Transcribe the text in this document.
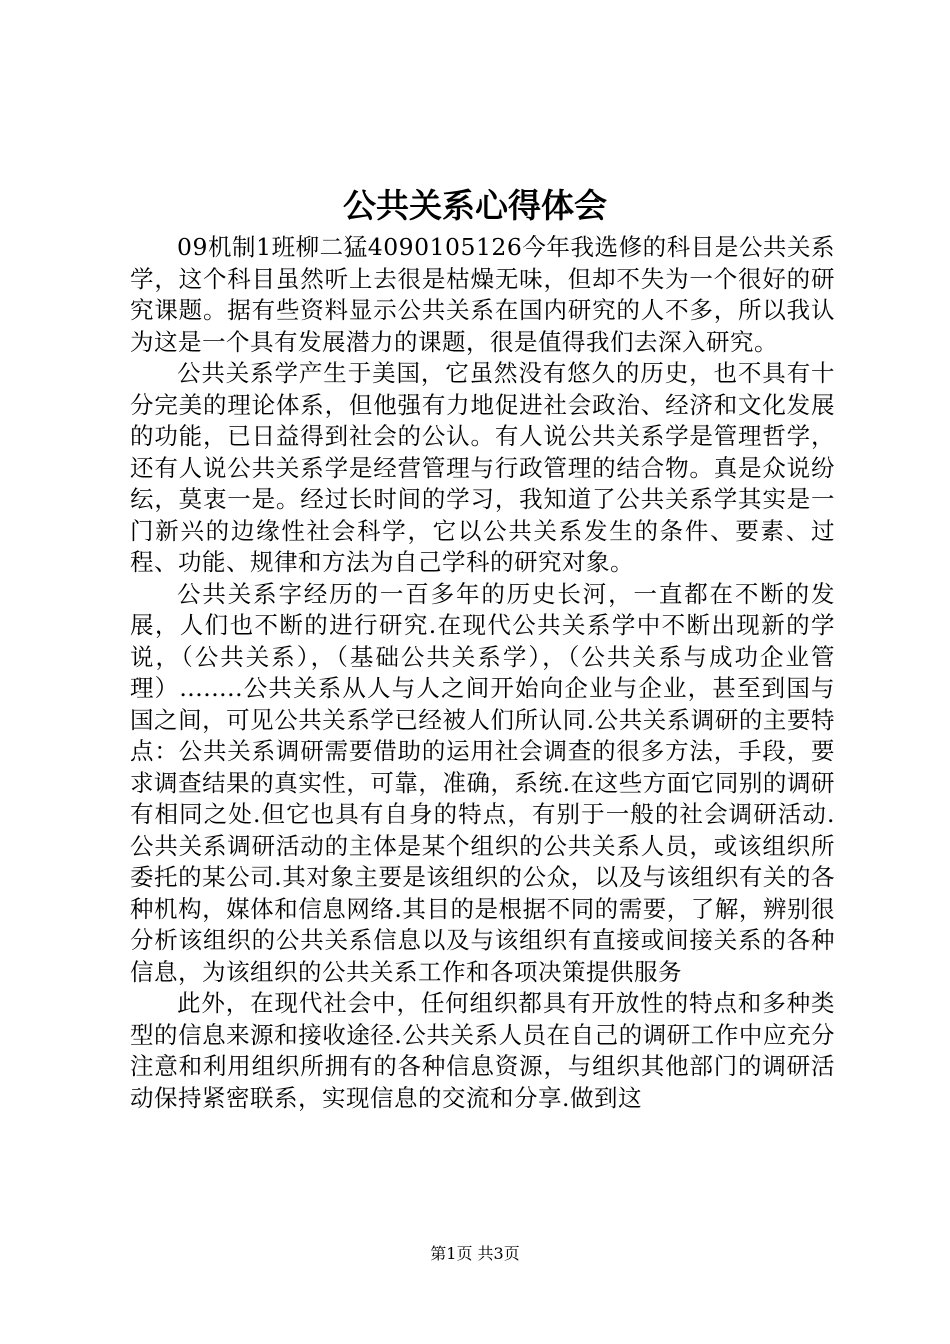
公共关系心得体会

09机制1班柳二猛4090105126今年我选修的科目是公共关系学，这个科目虽然听上去很是枯燥无味，但却不失为一个很好的研究课题。据有些资料显示公共关系在国内研究的人不多，所以我认为这是一个具有发展潜力的课题，很是值得我们去深入研究。

公共关系学产生于美国，它虽然没有悠久的历史，也不具有十分完美的理论体系，但他强有力地促进社会政治、经济和文化发展的功能，已日益得到社会的公认。有人说公共关系学是管理哲学，还有人说公共关系学是经营管理与行政管理的结合物。真是众说纷纭，莫衷一是。经过长时间的学习，我知道了公共关系学其实是一门新兴的边缘性社会科学，它以公共关系发生的条件、要素、过程、功能、规律和方法为自己学科的研究对象。

公共关系字经历的一百多年的历史长河，一直都在不断的发展，人们也不断的进行研究.在现代公共关系学中不断出现新的学说，（公共关系），（基础公共关系学），（公共关系与成功企业管理）........公共关系从人与人之间开始向企业与企业，甚至到国与国之间，可见公共关系学已经被人们所认同.公共关系调研的主要特点：公共关系调研需要借助的运用社会调查的很多方法，手段，要求调查结果的真实性，可靠，准确，系统.在这些方面它同别的调研有相同之处.但它也具有自身的特点，有别于一般的社会调研活动.公共关系调研活动的主体是某个组织的公共关系人员，或该组织所委托的某公司.其对象主要是该组织的公众，以及与该组织有关的各种机构，媒体和信息网络.其目的是根据不同的需要，了解，辨别很分析该组织的公共关系信息以及与该组织有直接或间接关系的各种信息，为该组织的公共关系工作和各项决策提供服务

此外，在现代社会中，任何组织都具有开放性的特点和多种类型的信息来源和接收途径.公共关系人员在自己的调研工作中应充分注意和利用组织所拥有的各种信息资源，与组织其他部门的调研活动保持紧密联系，实现信息的交流和分享.做到这

第1页 共3页
